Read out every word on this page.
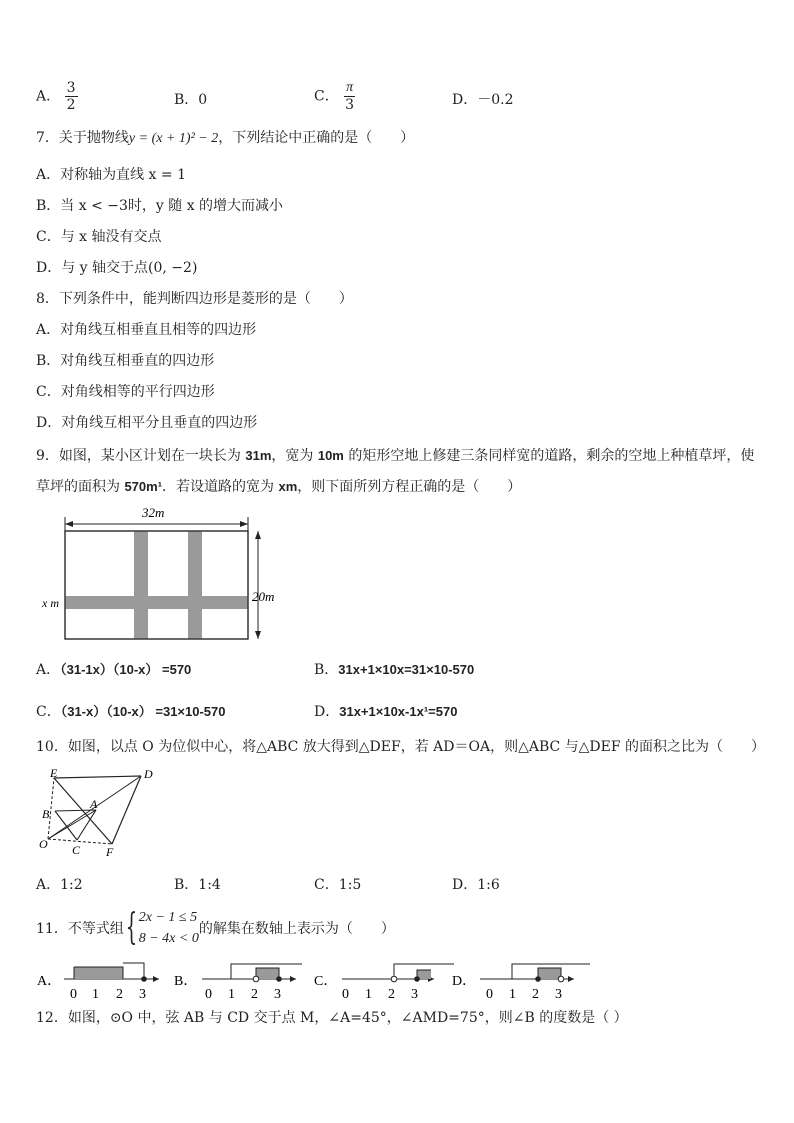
A． $\frac{3}{2}$	B．0	C． $\frac{\pi}{3}$	D．－0.2
7．关于抛物线y = (x + 1)² − 2，下列结论中正确的是（　　）
A．对称轴为直线 x = 1
B．当 x < −3时，y 随 x 的增大而减小
C．与 x 轴没有交点
D．与 y 轴交于点(0, −2)
8．下列条件中，能判断四边形是菱形的是（　　）
A．对角线互相垂直且相等的四边形
B．对角线互相垂直的四边形
C．对角线相等的平行四边形
D．对角线互相平分且垂直的四边形
9．如图，某小区计划在一块长为 31m，宽为 10m 的矩形空地上修建三条同样宽的道路，剩余的空地上种植草坪，使
草坪的面积为 570m¹．若设道路的宽为 xm，则下面所列方程正确的是（　　）
32m
20m
x m
A．（31-1x）（10-x） =570	B．31x+1×10x=31×10-570
C．（31-x）（10-x） =31×10-570	D．31x+1×10x-1x¹=570
10．如图，以点 O 为位似中心，将△ABC 放大得到△DEF，若 AD＝OA，则△ABC 与△DEF 的面积之比为（　　）
E	D
A
B
O C F
A．1:2	B．1:4	C．1:5	D．1:6
11．不等式组 { 2x − 1 ≤ 5
8 − 4x < 0
的解集在数轴上表示为（　　）
A．
0 1 2 3
B．
0 1 2 3
C．
0 1 2 3
D．
0 1 2 3
12．如图，⊙O 中，弦 AB 与 CD 交于点 M，∠A=45°，∠AMD=75°，则∠B 的度数是（ ）
